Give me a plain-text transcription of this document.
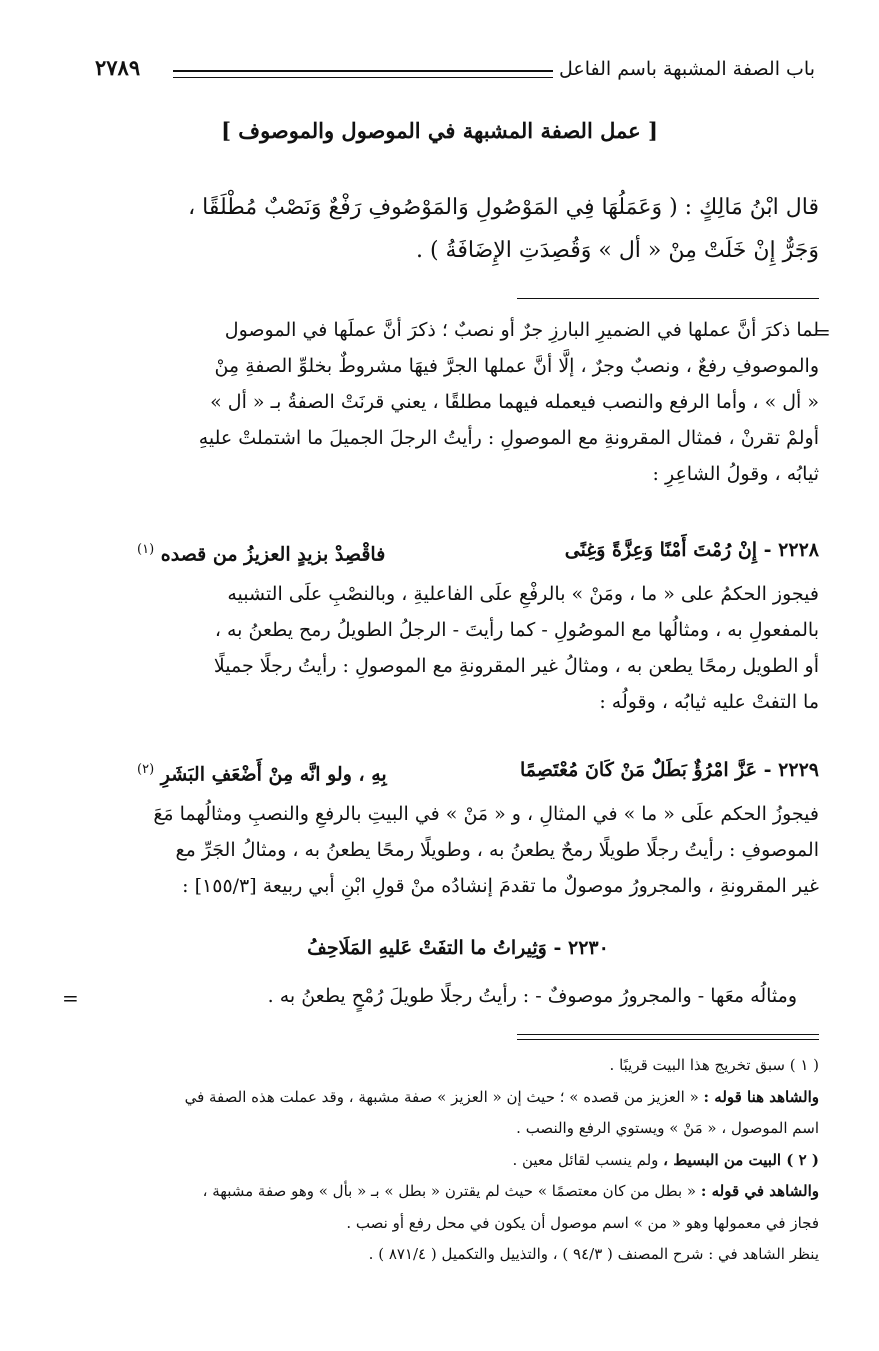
باب الصفة المشبهة باسم الفاعل
٢٧٨٩
[ عمل الصفة المشبهة في الموصول والموصوف ]
قال ابْنُ مَالِكٍ : ( وَعَمَلُهَا فِي المَوْصُولِ وَالمَوْصُوفِ رَفْعٌ وَنَصْبٌ مُطْلَقًا ،
وَجَرٌّ إِنْ خَلَتْ مِنْ « أل » وَقُصِدَتِ الإِضَافَةُ ) .
=
لما ذكرَ أنَّ عملها في الضميرِ البارزِ جرٌ أو نصبٌ ؛ ذكرَ أنَّ عملَها في الموصول
والموصوفِ رفعٌ ، ونصبٌ وجرٌ ، إلَّا أنَّ عملها الجرَّ فيهَا مشروطٌ بخلوِّ الصفةِ مِنْ
« أل » ، وأما الرفع والنصب فيعمله فيهما مطلقًا ، يعني قرنَتْ الصفةُ بـ « أل »
أولمْ تقرنْ ، فمثال المقرونةِ مع الموصولِ : رأيتُ الرجلَ الجميلَ ما اشتملتْ عليهِ
ثيابُه ، وقولُ الشاعِرِ :
٢٢٢٨ - إِنْ رُمْتَ أَمْنًا وَعِزَّةً وَغِنًى
فاقْصِدْ بزيدٍ العزيزُ من قصده $^{(١)}$
فيجوز الحكمُ على « ما ، ومَنْ » بالرفْعِ علَى الفاعليةِ ، وبالنصْبِ علَى التشبيه
بالمفعولِ به ، ومثالُها مع الموصُولِ - كما رأيتَ - الرجلُ الطويلُ رمح يطعنُ به ،
أو الطويل رمحًا يطعن به ، ومثالُ غير المقرونةِ مع الموصولِ : رأيتُ رجلًا جميلًا
ما التفتْ عليه ثيابُه ، وقولُه :
٢٢٢٩ - عَزَّ امْرُؤٌ بَطَلٌ مَنْ كَانَ مُعْتَصِمًا
بِهِ ، ولو انَّه مِنْ أَضْعَفِ البَشَرِ $^{(٢)}$
فيجوزُ الحكم علَى « ما » في المثالِ ، و « مَنْ » في البيتِ بالرفعِ والنصبِ ومثالُهما مَعَ
الموصوفِ : رأيتُ رجلًا طويلًا رمحٌ يطعنُ به ، وطويلًا رمحًا يطعنُ به ، ومثالُ الجَرِّ مع
غير المقرونةِ ، والمجرورُ موصولٌ ما تقدمَ إنشادُه منْ قولِ ابْنِ أبي ربيعة [١٥٥/٣] :
٢٢٣٠ - وَثِيراتُ ما التفَتْ عَليهِ المَلَاحِفُ
=	ومثالُه معَها - والمجرورُ موصوفٌ - : رأيتُ رجلًا طويلَ رُمْحٍ يطعنُ به .

( ١ ) سبق تخريج هذا البيت قريبًا .

والشاهد هنا قوله : « العزيز من قصده » ؛ حيث إن « العزيز » صفة مشبهة ، وقد عملت هذه الصفة في

اسم الموصول ، « مَنْ » ويستوي الرفع والنصب .

( ٢ ) البيت من البسيط ، ولم ينسب لقائل معين .

والشاهد في قوله : « بطل من كان معتصمًا » حيث لم يقترن « بطل » بـ « بأل » وهو صفة مشبهة ،

فجاز في معمولها وهو « من » اسم موصول أن يكون في محل رفع أو نصب .

ينظر الشاهد في : شرح المصنف ( ٩٤/٣ ) ، والتذييل والتكميل ( ٨٧١/٤ ) .
